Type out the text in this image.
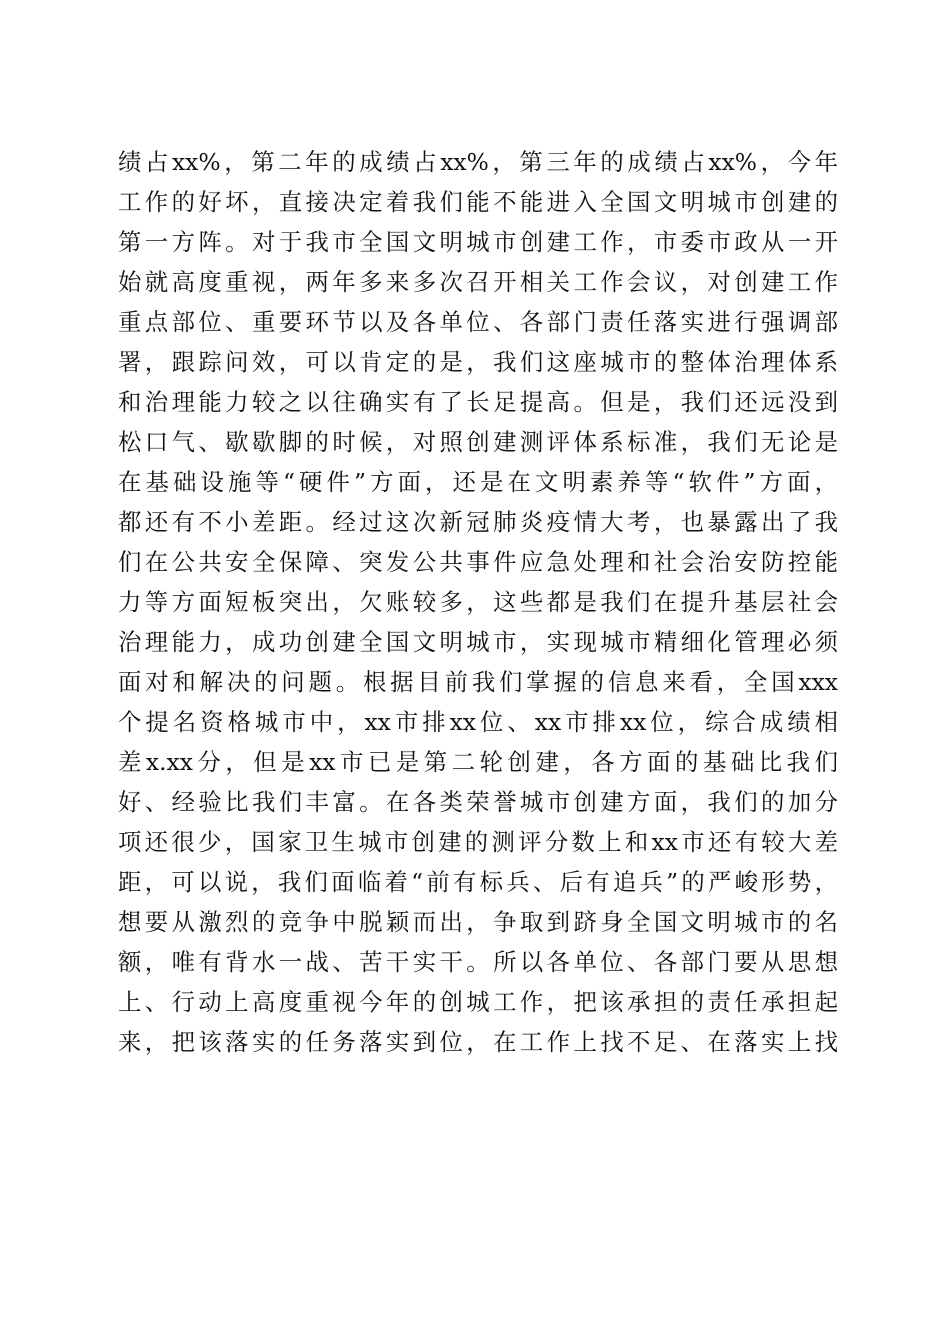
绩占xx%，第二年的成绩占xx%，第三年的成绩占xx%，今年
工作的好坏，直接决定着我们能不能进入全国文明城市创建的
第一方阵。对于我市全国文明城市创建工作，市委市政从一开
始就高度重视，两年多来多次召开相关工作会议，对创建工作
重点部位、重要环节以及各单位、各部门责任落实进行强调部
署，跟踪问效，可以肯定的是，我们这座城市的整体治理体系
和治理能力较之以往确实有了长足提高。但是，我们还远没到
松口气、歇歇脚的时候，对照创建测评体系标准，我们无论是
在基础设施等“硬件”方面，还是在文明素养等“软件”方面，
都还有不小差距。经过这次新冠肺炎疫情大考，也暴露出了我
们在公共安全保障、突发公共事件应急处理和社会治安防控能
力等方面短板突出，欠账较多，这些都是我们在提升基层社会
治理能力，成功创建全国文明城市，实现城市精细化管理必须
面对和解决的问题。根据目前我们掌握的信息来看，全国xxx
个提名资格城市中，xx市排xx位、xx市排xx位，综合成绩相
差x.xx分，但是xx市已是第二轮创建，各方面的基础比我们
好、经验比我们丰富。在各类荣誉城市创建方面，我们的加分
项还很少，国家卫生城市创建的测评分数上和xx市还有较大差
距，可以说，我们面临着“前有标兵、后有追兵”的严峻形势，
想要从激烈的竞争中脱颖而出，争取到跻身全国文明城市的名
额，唯有背水一战、苦干实干。所以各单位、各部门要从思想
上、行动上高度重视今年的创城工作，把该承担的责任承担起
来，把该落实的任务落实到位，在工作上找不足、在落实上找
